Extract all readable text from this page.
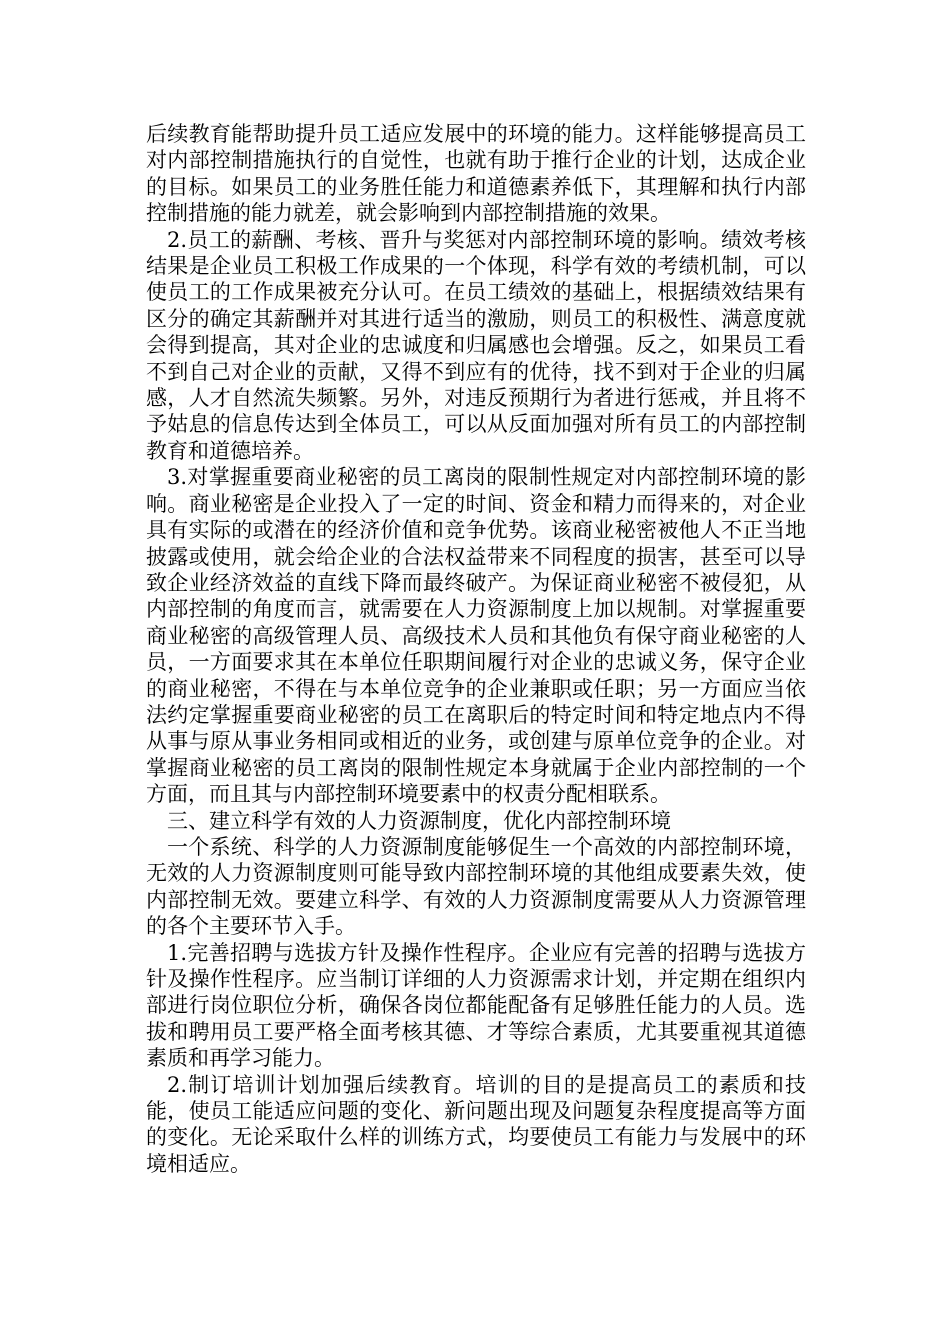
后续教育能帮助提升员工适应发展中的环境的能力。这样能够提高员工对内部控制措施执行的自觉性，也就有助于推行企业的计划，达成企业的目标。如果员工的业务胜任能力和道德素养低下，其理解和执行内部控制措施的能力就差，就会影响到内部控制措施的效果。

2.员工的薪酬、考核、晋升与奖惩对内部控制环境的影响。绩效考核结果是企业员工积极工作成果的一个体现，科学有效的考绩机制，可以使员工的工作成果被充分认可。在员工绩效的基础上，根据绩效结果有区分的确定其薪酬并对其进行适当的激励，则员工的积极性、满意度就会得到提高，其对企业的忠诚度和归属感也会增强。反之，如果员工看不到自己对企业的贡献，又得不到应有的优待，找不到对于企业的归属感，人才自然流失频繁。另外，对违反预期行为者进行惩戒，并且将不予姑息的信息传达到全体员工，可以从反面加强对所有员工的内部控制教育和道德培养。

3.对掌握重要商业秘密的员工离岗的限制性规定对内部控制环境的影响。商业秘密是企业投入了一定的时间、资金和精力而得来的，对企业具有实际的或潜在的经济价值和竞争优势。该商业秘密被他人不正当地披露或使用，就会给企业的合法权益带来不同程度的损害，甚至可以导致企业经济效益的直线下降而最终破产。为保证商业秘密不被侵犯，从内部控制的角度而言，就需要在人力资源制度上加以规制。对掌握重要商业秘密的高级管理人员、高级技术人员和其他负有保守商业秘密的人员，一方面要求其在本单位任职期间履行对企业的忠诚义务，保守企业的商业秘密，不得在与本单位竞争的企业兼职或任职；另一方面应当依法约定掌握重要商业秘密的员工在离职后的特定时间和特定地点内不得从事与原从事业务相同或相近的业务，或创建与原单位竞争的企业。对掌握商业秘密的员工离岗的限制性规定本身就属于企业内部控制的一个方面，而且其与内部控制环境要素中的权责分配相联系。

三、建立科学有效的人力资源制度，优化内部控制环境

一个系统、科学的人力资源制度能够促生一个高效的内部控制环境，无效的人力资源制度则可能导致内部控制环境的其他组成要素失效，使内部控制无效。要建立科学、有效的人力资源制度需要从人力资源管理的各个主要环节入手。

1.完善招聘与选拔方针及操作性程序。企业应有完善的招聘与选拔方针及操作性程序。应当制订详细的人力资源需求计划，并定期在组织内部进行岗位职位分析，确保各岗位都能配备有足够胜任能力的人员。选拔和聘用员工要严格全面考核其德、才等综合素质，尤其要重视其道德素质和再学习能力。

2.制订培训计划加强后续教育。培训的目的是提高员工的素质和技能，使员工能适应问题的变化、新问题出现及问题复杂程度提高等方面的变化。无论采取什么样的训练方式，均要使员工有能力与发展中的环境相适应。
